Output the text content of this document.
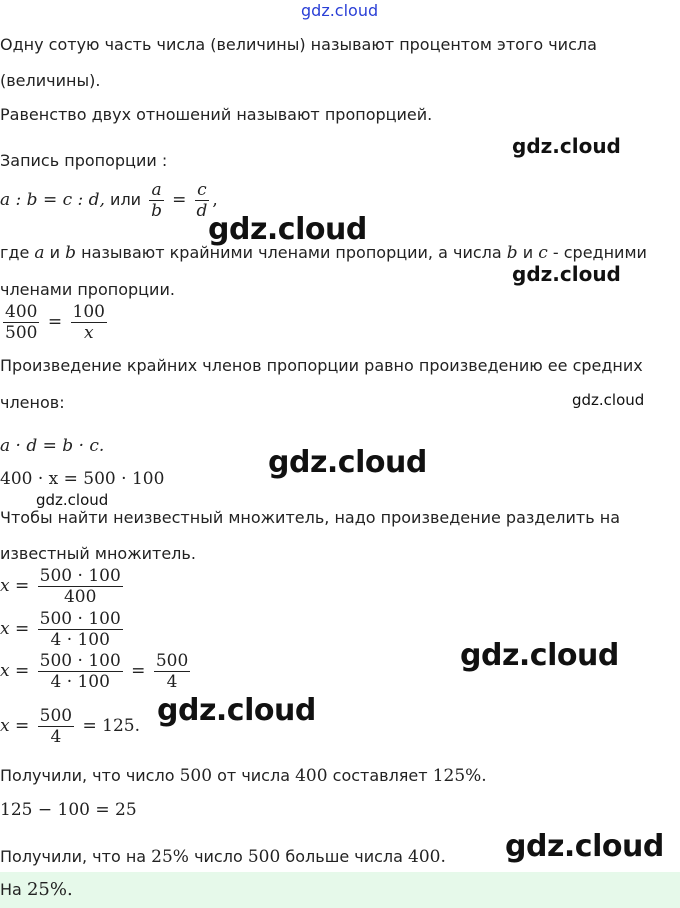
gdz.cloud
Одну сотую часть числа (величины) называют процентом этого числа
(величины).
Равенство двух отношений называют пропорцией.
Запись пропорции :
gdz.cloud
a : b = c : d, или $\frac{a}{b} = \frac{c}{d}$ ,
gdz.cloud
где a и b называют крайними членами пропорции, а числа b и c - средними
gdz.cloud
членами пропорции.
$\frac{400}{500} = \frac{100}{x}$
Произведение крайних членов пропорции равно произведению ее средних
членов:	gdz.cloud
a · d = b · c.	gdz.cloud
400 · x = 500 · 100
gdz.cloud
Чтобы найти неизвестный множитель, надо произведение разделить на
известный множитель.
$x = \frac{500 \cdot 100}{400}$
$x = \frac{500 \cdot 100}{4 \cdot 100}$
$x = \frac{500 \cdot 100}{4 \cdot 100} = \frac{500}{4}$	gdz.cloud
$x = \frac{500}{4} = 125$. gdz.cloud
Получили, что число 500 от числа 400 составляет 125%.
125 − 100 = 25
Получили, что на 25% число 500 больше числа 400. gdz.cloud
На 25%.
